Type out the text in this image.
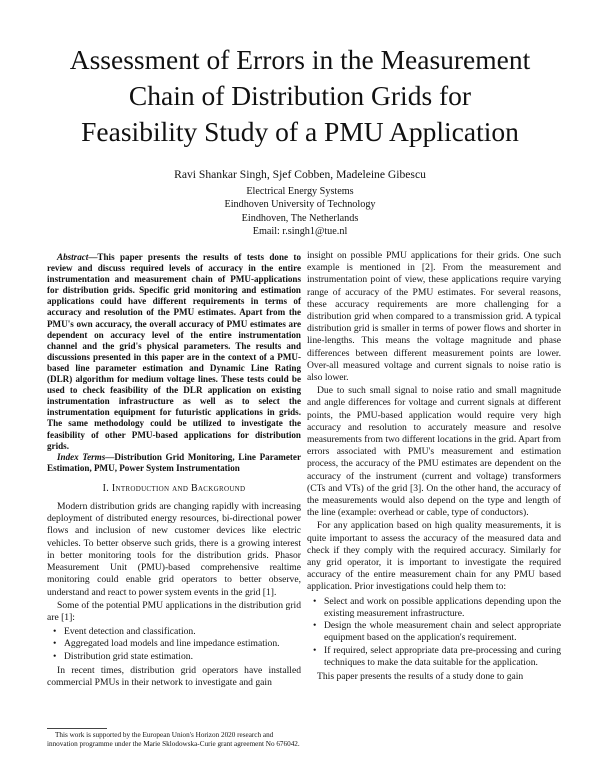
Assessment of Errors in the Measurement
Chain of Distribution Grids for
Feasibility Study of a PMU Application
Ravi Shankar Singh, Sjef Cobben, Madeleine Gibescu
Electrical Energy Systems
Eindhoven University of Technology
Eindhoven, The Netherlands
Email: r.singh1@tue.nl

Abstract—This paper presents the results of tests done to review and discuss required levels of accuracy in the entire instrumentation and measurement chain of PMU-applications for distribution grids. Specific grid monitoring and estimation applications could have different requirements in terms of accuracy and resolution of the PMU estimates. Apart from the PMU's own accuracy, the overall accuracy of PMU estimates are dependent on accuracy level of the entire instrumentation channel and the grid's physical parameters. The results and discussions presented in this paper are in the context of a PMU-based line parameter estimation and Dynamic Line Rating (DLR) algorithm for medium voltage lines. These tests could be used to check feasibility of the DLR application on existing instrumentation infrastructure as well as to select the instrumentation equipment for futuristic applications in grids. The same methodology could be utilized to investigate the feasibility of other PMU-based applications for distribution grids.

Index Terms—Distribution Grid Monitoring, Line Parameter Estimation, PMU, Power System Instrumentation

I. Introduction and Background

Modern distribution grids are changing rapidly with increasing deployment of distributed energy resources, bi-directional power flows and inclusion of new customer devices like electric vehicles. To better observe such grids, there is a growing interest in better monitoring tools for the distribution grids. Phasor Measurement Unit (PMU)-based comprehensive realtime monitoring could enable grid operators to better observe, understand and react to power system events in the grid [1].

Some of the potential PMU applications in the distribution grid are [1]:

• Event detection and classification.
• Aggregated load models and line impedance estimation.
• Distribution grid state estimation.

In recent times, distribution grid operators have installed commercial PMUs in their network to investigate and gain

insight on possible PMU applications for their grids. One such example is mentioned in [2]. From the measurement and instrumentation point of view, these applications require varying range of accuracy of the PMU estimates. For several reasons, these accuracy requirements are more challenging for a distribution grid when compared to a transmission grid. A typical distribution grid is smaller in terms of power flows and shorter in line-lengths. This means the voltage magnitude and phase differences between different measurement points are lower. Over-all measured voltage and current signals to noise ratio is also lower.

Due to such small signal to noise ratio and small magnitude and angle differences for voltage and current signals at different points, the PMU-based application would require very high accuracy and resolution to accurately measure and resolve measurements from two different locations in the grid. Apart from errors associated with PMU's measurement and estimation process, the accuracy of the PMU estimates are dependent on the accuracy of the instrument (current and voltage) transformers (CTs and VTs) of the grid [3]. On the other hand, the accuracy of the measurements would also depend on the type and length of the line (example: overhead or cable, type of conductors).

For any application based on high quality measurements, it is quite important to assess the accuracy of the measured data and check if they comply with the required accuracy. Similarly for any grid operator, it is important to investigate the required accuracy of the entire measurement chain for any PMU based application. Prior investigations could help them to:

• Select and work on possible applications depending upon the existing measurement infrastructure.
• Design the whole measurement chain and select appropriate equipment based on the application's requirement.
• If required, select appropriate data pre-processing and curing techniques to make the data suitable for the application.

This paper presents the results of a study done to gain

This work is supported by the European Union's Horizon 2020 research and innovation programme under the Marie Sklodowska-Curie grant agreement No 676042.
